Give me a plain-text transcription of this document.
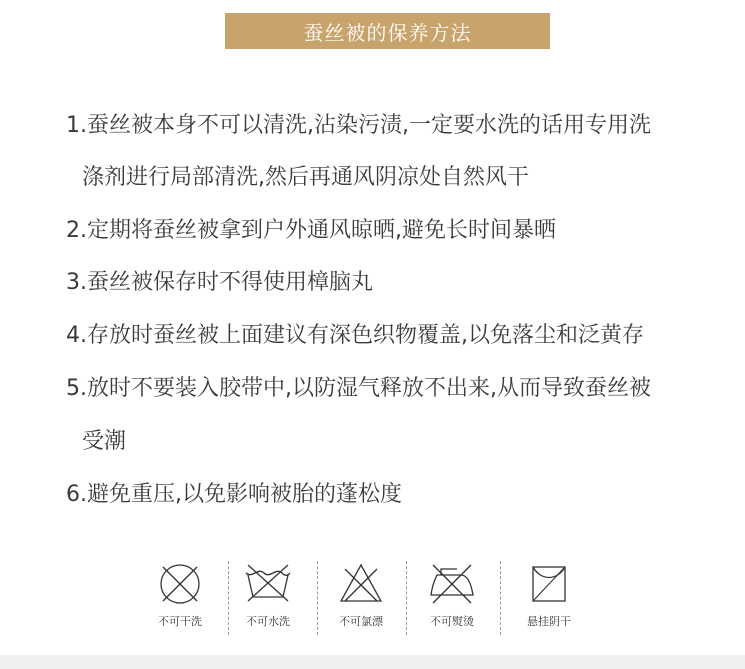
蚕丝被的保养方法
1.蚕丝被本身不可以清洗,沾染污渍,一定要水洗的话用专用洗
涤剂进行局部清洗,然后再通风阴凉处自然风干
2.定期将蚕丝被拿到户外通风晾晒,避免长时间暴晒
3.蚕丝被保存时不得使用樟脑丸
4.存放时蚕丝被上面建议有深色织物覆盖,以免落尘和泛黄存
5.放时不要装入胶带中,以防湿气释放不出来,从而导致蚕丝被
受潮
6.避免重压,以免影响被胎的蓬松度
不可干洗	不可水洗	不可氯漂	不可熨烫	悬挂阴干
